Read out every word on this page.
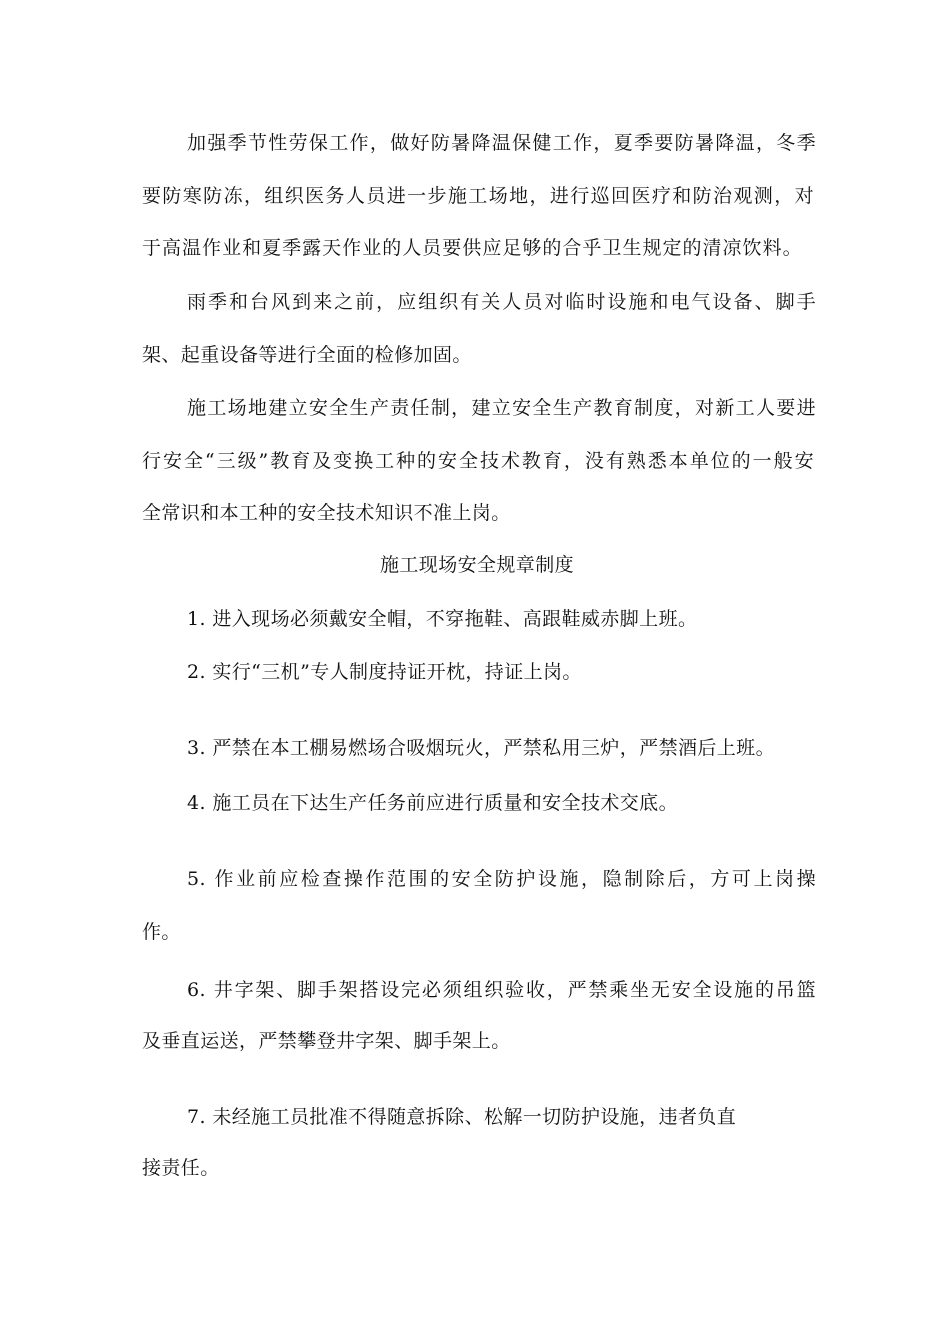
加强季节性劳保工作，做好防暑降温保健工作，夏季要防暑降温，冬季
要防寒防冻，组织医务人员进一步施工场地，进行巡回医疗和防治观测，对
于高温作业和夏季露天作业的人员要供应足够的合乎卫生规定的清凉饮料。
雨季和台风到来之前，应组织有关人员对临时设施和电气设备、脚手
架、起重设备等进行全面的检修加固。
施工场地建立安全生产责任制，建立安全生产教育制度，对新工人要进
行安全“三级”教育及变换工种的安全技术教育，没有熟悉本单位的一般安
全常识和本工种的安全技术知识不准上岗。
施工现场安全规章制度
1. 进入现场必须戴安全帽，不穿拖鞋、高跟鞋威赤脚上班。
2. 实行“三机”专人制度持证开枕，持证上岗。
3. 严禁在本工棚易燃场合吸烟玩火，严禁私用三炉，严禁酒后上班。
4. 施工员在下达生产任务前应进行质量和安全技术交底。
5. 作业前应检查操作范围的安全防护设施，隐制除后，方可上岗操
作。
6. 井字架、脚手架搭设完必须组织验收，严禁乘坐无安全设施的吊篮
及垂直运送，严禁攀登井字架、脚手架上。
7. 未经施工员批准不得随意拆除、松解一切防护设施，违者负直
接责任。
